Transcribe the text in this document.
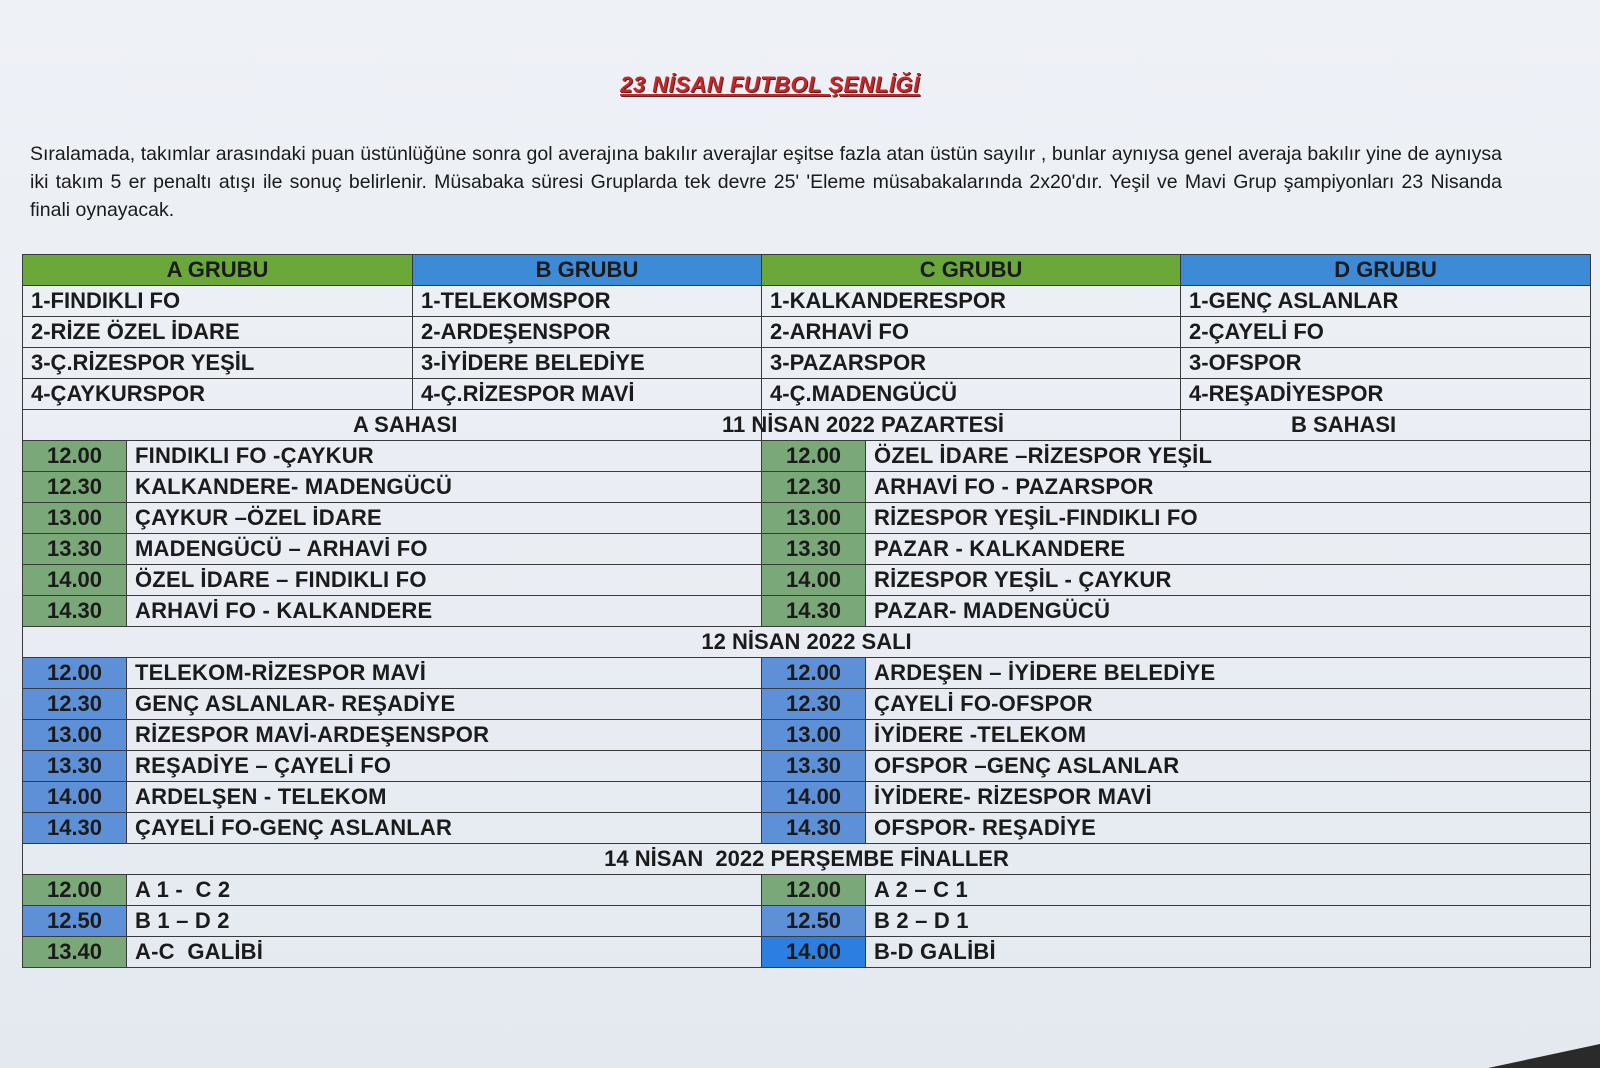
23 NİSAN FUTBOL ŞENLİĞİ
Sıralamada, takımlar arasındaki puan üstünlüğüne sonra gol averajına bakılır averajlar eşitse fazla atan üstün sayılır , bunlar aynıysa genel averaja bakılır yine de aynıysa iki takım 5 er penaltı atışı ile sonuç belirlenir. Müsabaka süresi Gruplarda tek devre 25' 'Eleme müsabakalarında 2x20'dır. Yeşil ve Mavi Grup şampiyonları 23 Nisanda finali oynayacak.
A GRUBU		B GRUBU	C GRUBU		D GRUBU
1-FINDIKLI FO		1-TELEKOMSPOR	1-KALKANDERESPOR		1-GENÇ ASLANLAR
2-RİZE ÖZEL İDARE		2-ARDEŞENSPOR	2-ARHAVİ FO		2-ÇAYELİ FO
3-Ç.RİZESPOR YEŞİL		3-İYİDERE BELEDİYE	3-PAZARSPOR		3-OFSPOR
4-ÇAYKURSPOR		4-Ç.RİZESPOR MAVİ	4-Ç.MADENGÜCÜ		4-REŞADİYESPOR
A SAHASI			11 NİSAN 2022 PAZARTESİ		B SAHASI
12.00	FINDIKLI FO -ÇAYKUR		12.00	ÖZEL İDARE –RİZESPOR YEŞİL	
12.30	KALKANDERE- MADENGÜCÜ		12.30	ARHAVİ FO - PAZARSPOR	
13.00	ÇAYKUR –ÖZEL İDARE		13.00	RİZESPOR YEŞİL-FINDIKLI FO	
13.30	MADENGÜCÜ – ARHAVİ FO		13.30	PAZAR - KALKANDERE	
14.00	ÖZEL İDARE – FINDIKLI FO		14.00	RİZESPOR YEŞİL - ÇAYKUR	
14.30	ARHAVİ FO - KALKANDERE		14.30	PAZAR- MADENGÜCÜ	
12 NİSAN 2022 SALI					
12.00	TELEKOM-RİZESPOR MAVİ		12.00	ARDEŞEN – İYİDERE BELEDİYE	
12.30	GENÇ ASLANLAR- REŞADİYE		12.30	ÇAYELİ FO-OFSPOR	
13.00	RİZESPOR MAVİ-ARDEŞENSPOR		13.00	İYİDERE -TELEKOM	
13.30	REŞADİYE – ÇAYELİ FO		13.30	OFSPOR –GENÇ ASLANLAR	
14.00	ARDELŞEN - TELEKOM		14.00	İYİDERE- RİZESPOR MAVİ	
14.30	ÇAYELİ FO-GENÇ ASLANLAR		14.30	OFSPOR- REŞADİYE	
14 NİSAN  2022 PERŞEMBE FİNALLER					
12.00	A 1 -  C 2		12.00	A 2 – C 1	
12.50	B 1 – D 2		12.50	B 2 – D 1	
13.40	A-C  GALİBİ		14.00	B-D GALİBİ	
